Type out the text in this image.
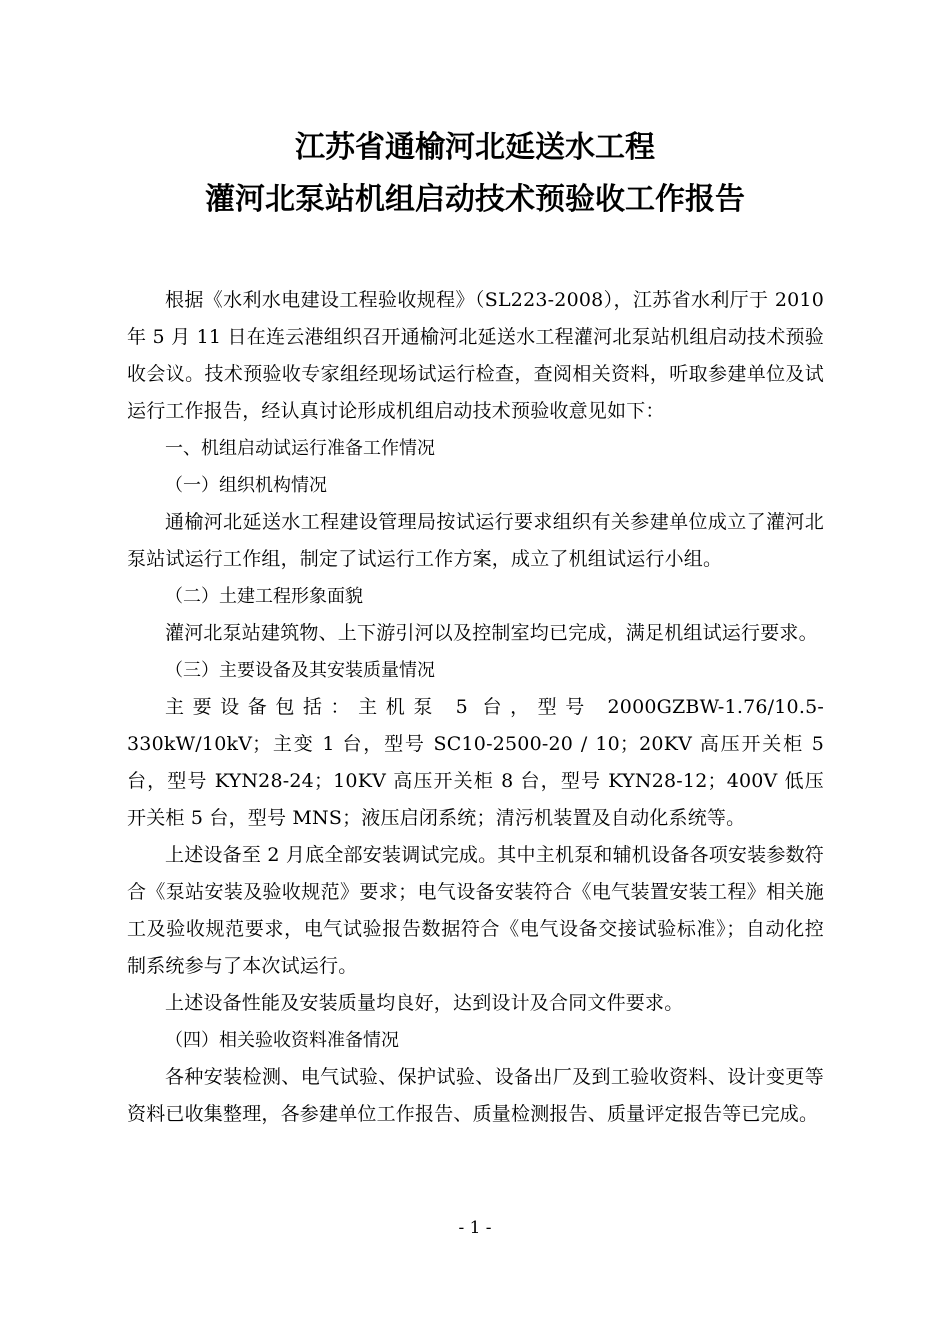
江苏省通榆河北延送水工程
灌河北泵站机组启动技术预验收工作报告

根据《水利水电建设工程验收规程》（SL223-2008），江苏省水利厅于 2010 年 5 月 11 日在连云港组织召开通榆河北延送水工程灌河北泵站机组启动技术预验收会议。技术预验收专家组经现场试运行检查，查阅相关资料，听取参建单位及试运行工作报告，经认真讨论形成机组启动技术预验收意见如下：

一、机组启动试运行准备工作情况

（一）组织机构情况

通榆河北延送水工程建设管理局按试运行要求组织有关参建单位成立了灌河北泵站试运行工作组，制定了试运行工作方案，成立了机组试运行小组。

（二）土建工程形象面貌

灌河北泵站建筑物、上下游引河以及控制室均已完成，满足机组试运行要求。

（三）主要设备及其安装质量情况

主要设备包括：主机泵 5 台，型号 2000GZBW-1.76/10.5-330kW/10kV；主变 1 台，型号 SC10-2500-20 / 10；20KV 高压开关柜 5 台，型号 KYN28-24；10KV 高压开关柜 8 台，型号 KYN28-12；400V 低压开关柜 5 台，型号 MNS；液压启闭系统；清污机装置及自动化系统等。

上述设备至 2 月底全部安装调试完成。其中主机泵和辅机设备各项安装参数符合《泵站安装及验收规范》要求；电气设备安装符合《电气装置安装工程》相关施工及验收规范要求，电气试验报告数据符合《电气设备交接试验标准》；自动化控制系统参与了本次试运行。

上述设备性能及安装质量均良好，达到设计及合同文件要求。

（四）相关验收资料准备情况

各种安装检测、电气试验、保护试验、设备出厂及到工验收资料、设计变更等资料已收集整理，各参建单位工作报告、质量检测报告、质量评定报告等已完成。

- 1 -
